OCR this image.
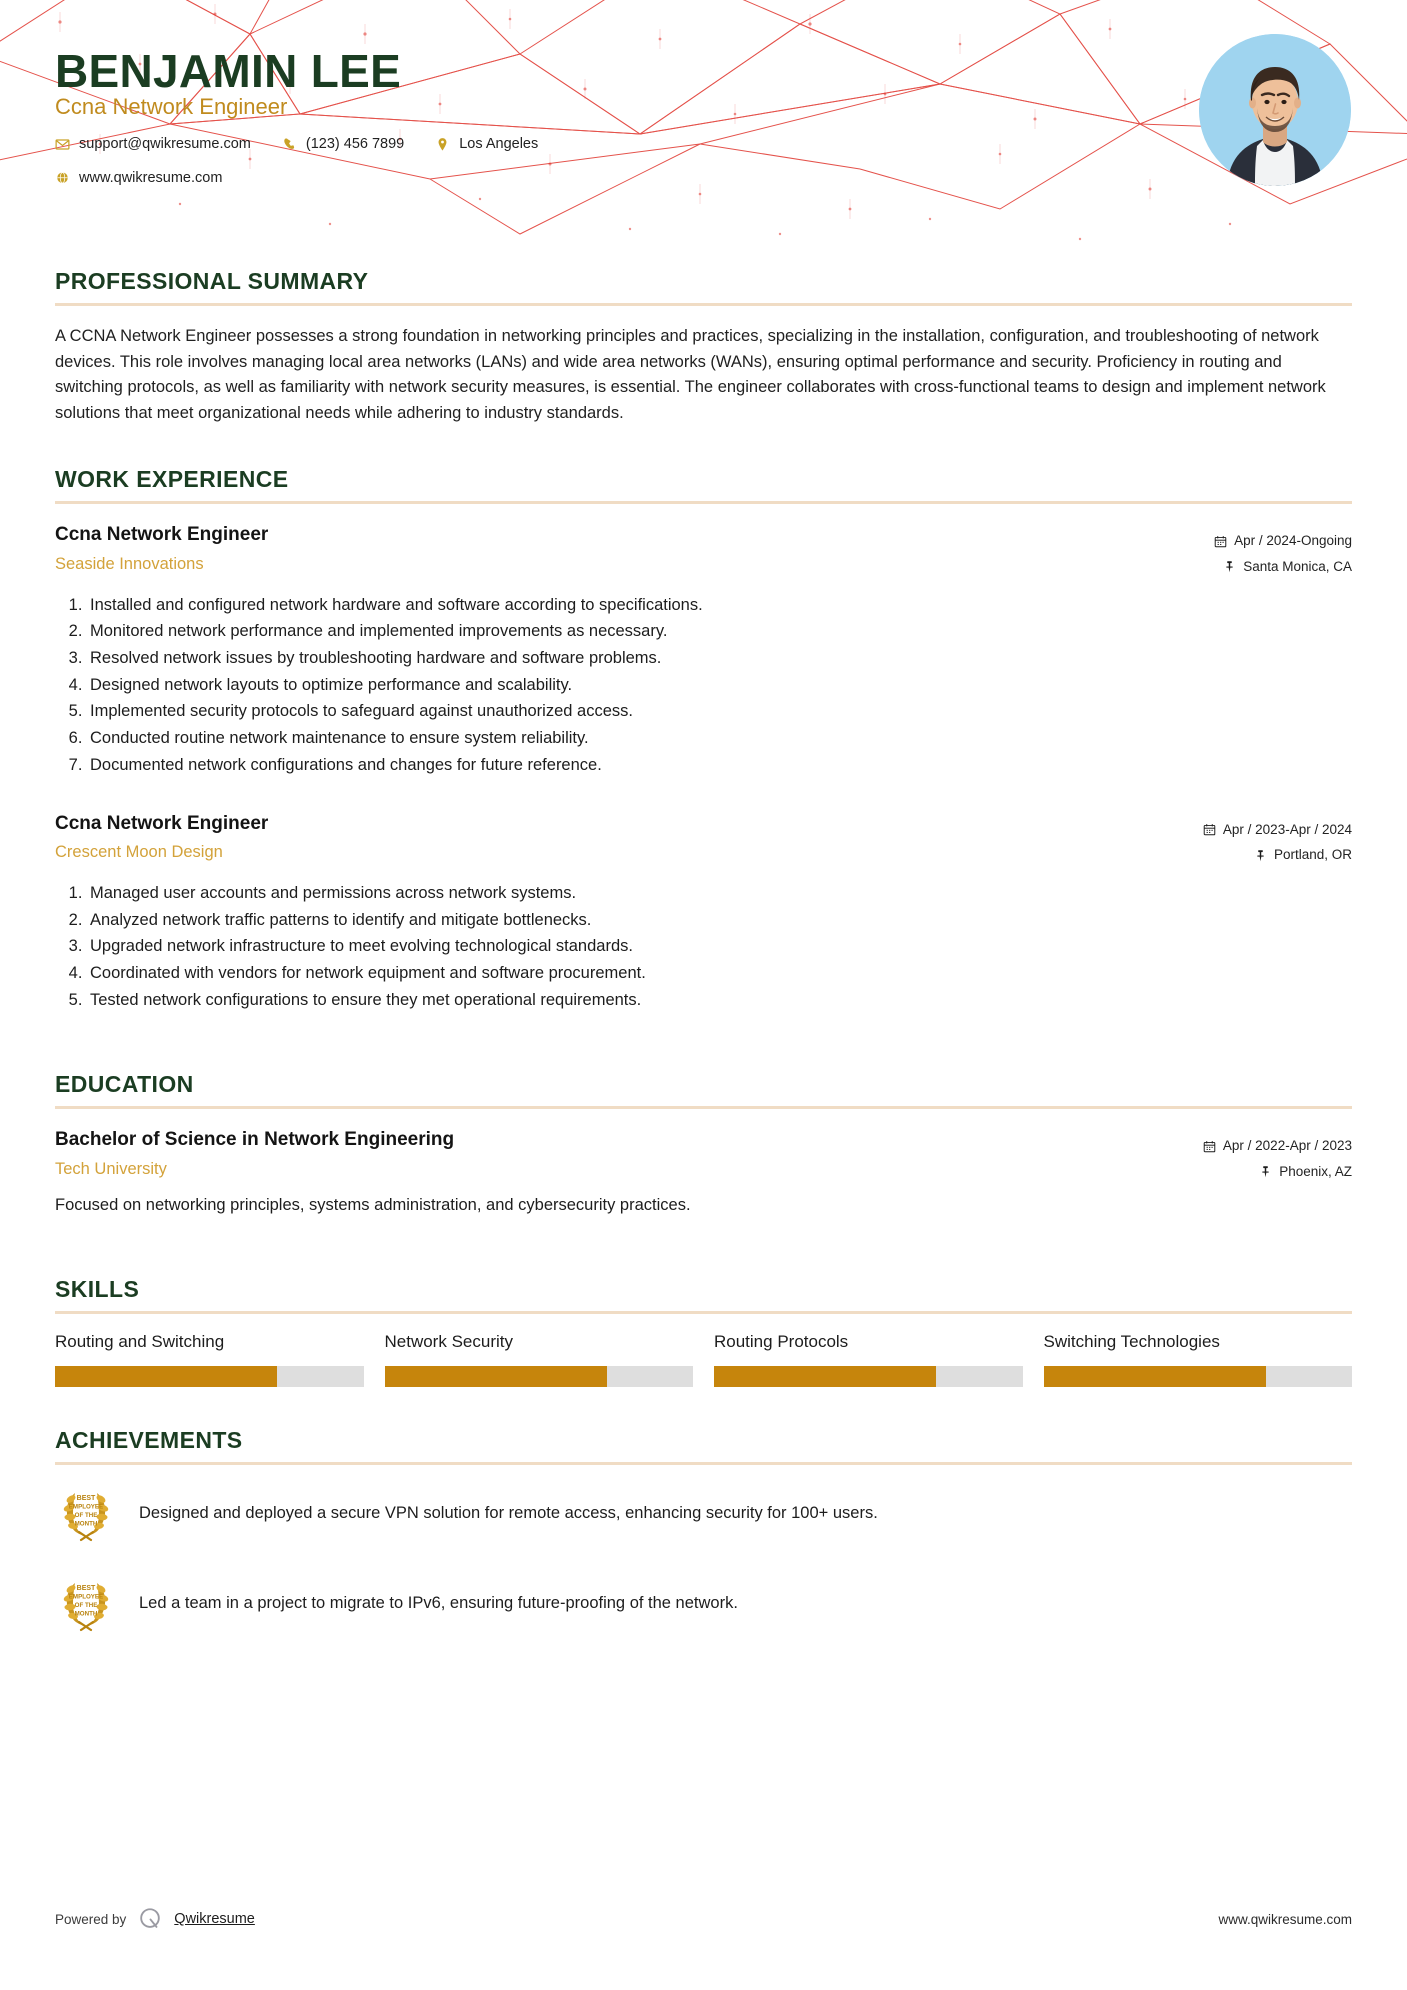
BENJAMIN LEE
Ccna Network Engineer
support@qwikresume.com	(123) 456 7899	Los Angeles
www.qwikresume.com
PROFESSIONAL SUMMARY

A CCNA Network Engineer possesses a strong foundation in networking principles and practices, specializing in the installation, configuration, and troubleshooting of network devices. This role involves managing local area networks (LANs) and wide area networks (WANs), ensuring optimal performance and security. Proficiency in routing and switching protocols, as well as familiarity with network security measures, is essential. The engineer collaborates with cross-functional teams to design and implement network solutions that meet organizational needs while adhering to industry standards.

WORK EXPERIENCE
Ccna Network Engineer
Seaside Innovations
Apr / 2024-Ongoing
Santa Monica, CA
1. Installed and configured network hardware and software according to specifications.
2. Monitored network performance and implemented improvements as necessary.
3. Resolved network issues by troubleshooting hardware and software problems.
4. Designed network layouts to optimize performance and scalability.
5. Implemented security protocols to safeguard against unauthorized access.
6. Conducted routine network maintenance to ensure system reliability.
7. Documented network configurations and changes for future reference.
Ccna Network Engineer
Crescent Moon Design
Apr / 2023-Apr / 2024
Portland, OR
1. Managed user accounts and permissions across network systems.
2. Analyzed network traffic patterns to identify and mitigate bottlenecks.
3. Upgraded network infrastructure to meet evolving technological standards.
4. Coordinated with vendors for network equipment and software procurement.
5. Tested network configurations to ensure they met operational requirements.
EDUCATION
Bachelor of Science in Network Engineering
Tech University
Apr / 2022-Apr / 2023
Phoenix, AZ
Focused on networking principles, systems administration, and cybersecurity practices.
SKILLS
Routing and Switching	Network Security	Routing Protocols	Switching Technologies
ACHIEVEMENTS
BEST
EMPLOYEE
OF THE
MONTH
Designed and deployed a secure VPN solution for remote access, enhancing security for 100+ users.
BEST
EMPLOYEE
OF THE
MONTH
Led a team in a project to migrate to IPv6, ensuring future-proofing of the network.
Powered by	Qwikresume	www.qwikresume.com
